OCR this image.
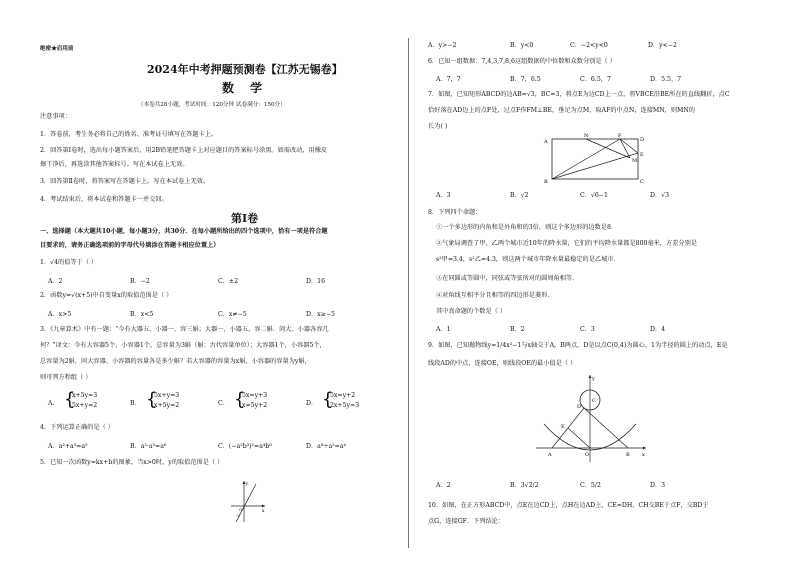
绝密★启用前
2024年中考押题预测卷【江苏无锡卷】
数 学
（本卷共28小题，考试时间：120分钟 试卷满分：150分）
注意事项：
1．答卷前，考生务必将自己的姓名、准考证号填写在答题卡上。
2．回答第Ⅰ卷时，选出每小题答案后，用2B铅笔把答题卡上对应题目的答案标号涂黑。如需改动，用橡皮
擦干净后，再选涂其他答案标号。写在本试卷上无效。
3．回答第Ⅱ卷时，将答案写在答题卡上。写在本试卷上无效。
4．考试结束后，将本试卷和答题卡一并交回。
第Ⅰ卷
一、选择题（本大题共10小题，每小题3分，共30分．在每小题所给出的四个选项中，恰有一项是符合题
目要求的，请务正确选项前的字母代号填涂在答题卡相应位置上）
1．√4的值等于（ ）
A．2	B．−2	C．±2	D．16
2．函数y=√(x+5)中自变量x的取值范围是（ ）
A．x>5	B．x<5	C．x≠−5	D．x≥−5
3．《九章算术》中有一题：“今有大器五、小器一，容三斛；大器一、小器五，容二斛．问大、小器各容几
何？”译文：今有大容器5个，小容器1个，总容量为3斛（斛：古代容量单位）；大容器1个，小容器5个，
总容量为2斛，问大容器、小容器的容量各是多少斛？若大容器的容量为x斛，小容器的容量为y斛，
则可列方程组（ ）
A． {
x+5y=3
5x+y=2	B． {
5x+y=3
x+5y=2	C． {
5x=y+3
x=5y+2	D． {
5x=y+2
2x+5y=3
4．下列运算正确的是（ ）
A．a²+a³=a⁵	B．a²·a³=a⁶	C．(−a²b³)²=a⁴b⁶	D．a⁸÷a²=a⁴
5．已知一次函数y=kx+b的图象，当x>0时，y的取值范围是（ ）
y
x
O
-2
A．y>−2	B．y<0	C．−2<y<0	D．y<−2
6．已知一组数据：7,4,3,7,8,6这组数据的中位数和众数分别是（ ）
A．7，7	B．7，6.5	C．6.5，7	D．5.5，7
7．如图，已知矩形ABCD的边AB=√3，BC=3，将点E为边CD上一点，将VBCE沿BE所在的直线翻折，点C
恰好落在AD边上的点F处，过点F作FM⊥BE，垂足为点M，取AF的中点N，连接MN，则MN的
长为( )
A
N	F
D
E
M
B	C
A．3	B．√2	C．√6−1	D．√3
8．下列四个命题：
①一个多边形的内角和是外角和的3倍，则这个多边形的边数是8．
②气象局调查了甲、乙两个城市近10年的降水量，它们的平均降水量都是800毫米，方差分别是
s²甲=3.4，s²乙=4.3，则这两个城市年降水量最稳定的是乙城市．
③在同圆或等圆中，同弦或等弦所对的圆周角相等．
④对角线互相平分且相等的四边形是菱形．
其中真命题的个数是（ ）
A．1	B．2	C．3	D．4
9．如图，已知抛物线y=1/4x²−1与x轴交于A，B两点，D是以点C(0,4)为圆心，1为半径的圆上的动点，E是
线段AD的中点，连接OE，则线段OE的最小值是（ ）
y
x
C
D
E
A	O	B
A．2	B．3√2/2	C．5/2	D．3
10．如图，在正方形ABCD中，点E在边CD上，点H在边AD上，CE=DH，CH交BE于点F，交BD于
点G，连接GF．下列结论：
